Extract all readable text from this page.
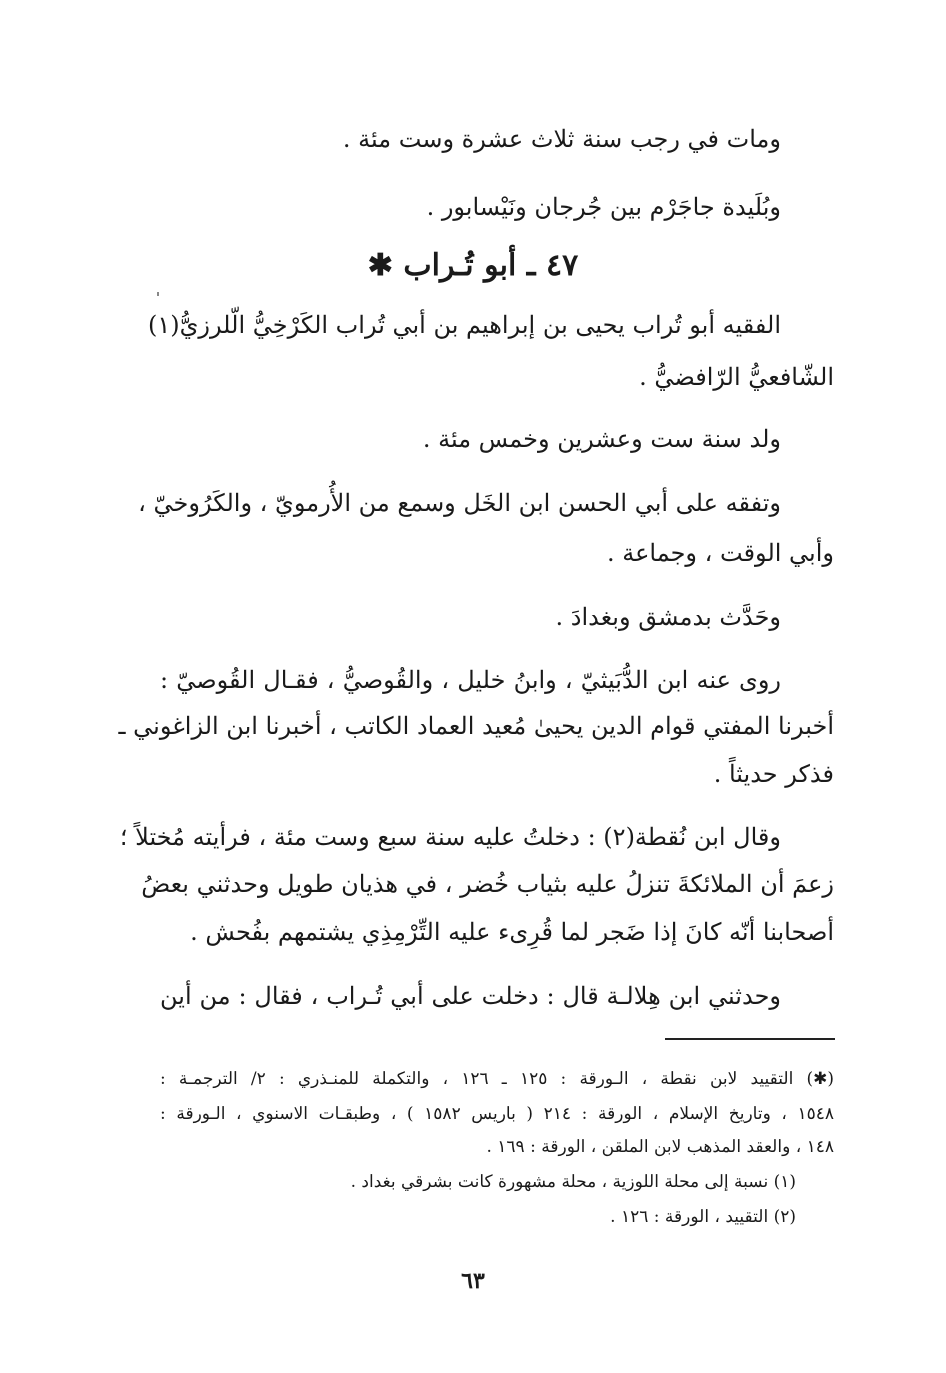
ومات في رجب سنة ثلاث عشرة وست مئة .
وبُلَيدة جاجَرْم بين جُرجان ونَيْسابور .
٤٧ ـ أبو تُـراب ✱
الفقيه أبو تُراب يحيى بن إبراهيم بن أبي تُراب الكَرْخِيُّ الّلرزيُّ(١)
الشّافعيُّ الرّافضيُّ .
ولد سنة ست وعشرين وخمس مئة .
وتفقه على أبي الحسن ابن الخَل وسمع من الأُرمويّ ، والكَرُوخيّ ،
وأبي الوقت ، وجماعة .
وحَدَّث بدمشق وبغدادَ .
روى عنه ابن الدُّبَيثيّ ، وابنُ خليل ، والقُوصيُّ ، فقـال القُوصيّ :
أخبرنا المفتي قوام الدين يحيىٰ مُعيد العماد الكاتب ، أخبرنا ابن الزاغوني ـ
فذكر حديثاً .
وقال ابن نُقطة(٢) : دخلتُ عليه سنة سبع وست مئة ، فرأيته مُختلاً ؛
زعمَ أن الملائكةَ تنزلُ عليه بثياب خُضر ، في هذيان طويل وحدثني بعضُ
أصحابنا أنّه كانَ إذا ضَجر لما قُرِىء عليه التِّرْمِذِي يشتمهم بفُحش .
وحدثني ابن هِلالـة قال : دخلت على أبي تُـراب ، فقال : من أين
(✱) التقييد لابن نقطة ، الـورقة : ١٢٥ ـ ١٢٦ ، والتكملة للمنـذري : ٢/ الترجمـة :
١٥٤٨ ، وتاريخ الإسلام ، الورقة : ٢١٤ ( باريس ١٥٨٢ ) ، وطبقـات الاسنوي ، الـورقة :
١٤٨ ، والعقد المذهب لابن الملقن ، الورقة : ١٦٩ .
(١) نسبة إلى محلة اللوزية ، محلة مشهورة كانت بشرقي بغداد .
(٢) التقييد ، الورقة : ١٢٦ .
٦٣
